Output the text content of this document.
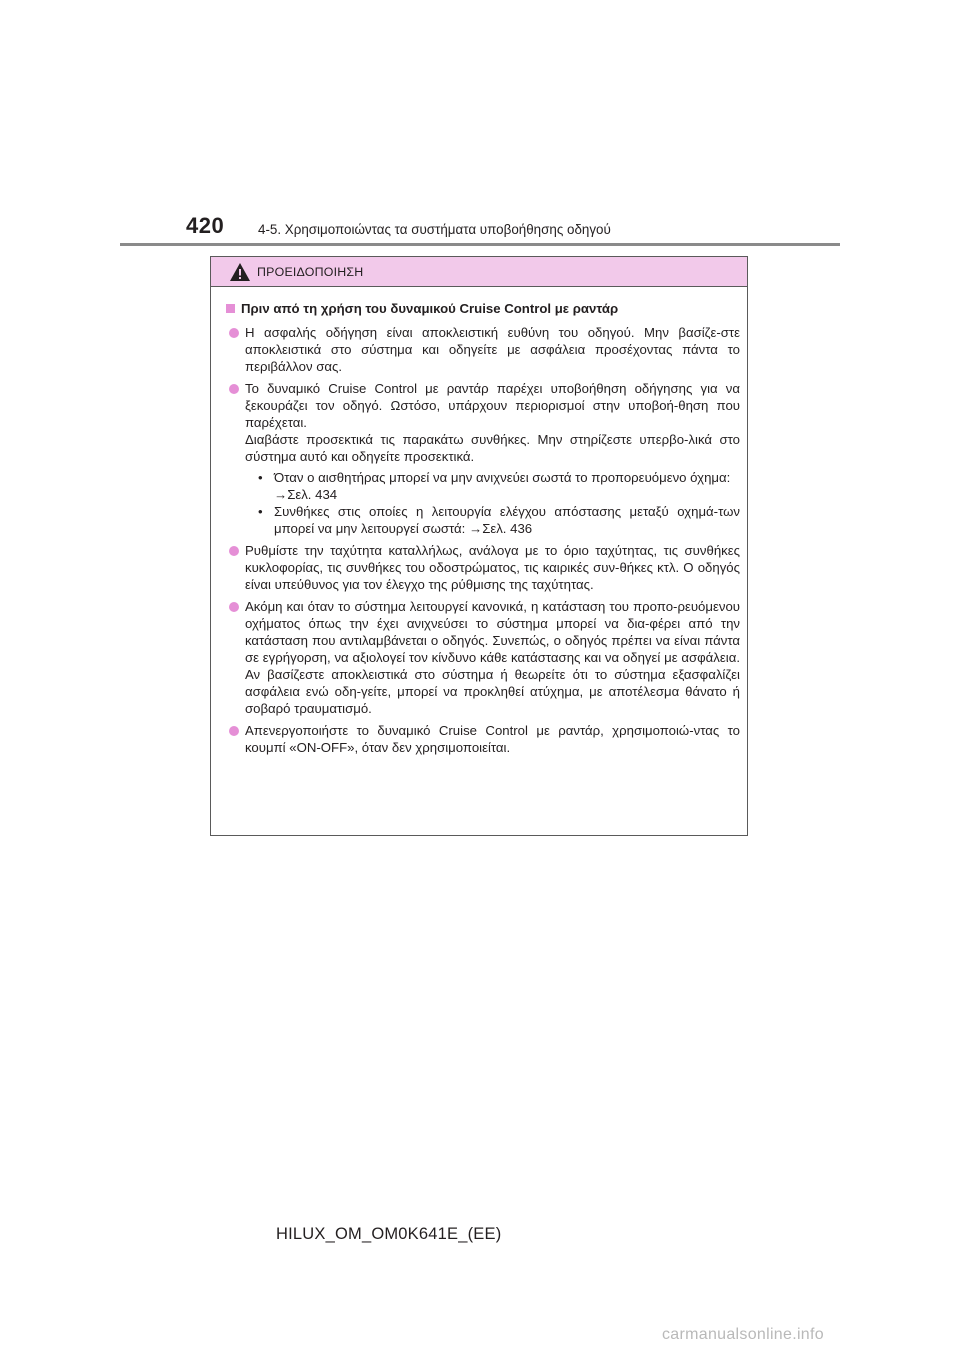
420	4-5. Χρησιμοποιώντας τα συστήματα υποβοήθησης οδηγού
ΠΡΟΕΙΔΟΠΟΙΗΣΗ
Πριν από τη χρήση του δυναμικού Cruise Control με ραντάρ
Η ασφαλής οδήγηση είναι αποκλειστική ευθύνη του οδηγού. Μην βασίζε-στε αποκλειστικά στο σύστημα και οδηγείτε με ασφάλεια προσέχοντας πάντα το περιβάλλον σας.
Το δυναμικό Cruise Control με ραντάρ παρέχει υποβοήθηση οδήγησης για να ξεκουράζει τον οδηγό. Ωστόσο, υπάρχουν περιορισμοί στην υποβοή-θηση που παρέχεται.
Διαβάστε προσεκτικά τις παρακάτω συνθήκες. Μην στηρίζεστε υπερβο-λικά στο σύστημα αυτό και οδηγείτε προσεκτικά.
• Όταν ο αισθητήρας μπορεί να μην ανιχνεύει σωστά το προπορευόμενο όχημα:
→Σελ. 434
• Συνθήκες στις οποίες η λειτουργία ελέγχου απόστασης μεταξύ οχημά-των μπορεί να μην λειτουργεί σωστά: →Σελ. 436
Ρυθμίστε την ταχύτητα καταλλήλως, ανάλογα με το όριο ταχύτητας, τις συνθήκες κυκλοφορίας, τις συνθήκες του οδοστρώματος, τις καιρικές συν-θήκες κτλ. Ο οδηγός είναι υπεύθυνος για τον έλεγχο της ρύθμισης της ταχύτητας.
Ακόμη και όταν το σύστημα λειτουργεί κανονικά, η κατάσταση του προπο-ρευόμενου οχήματος όπως την έχει ανιχνεύσει το σύστημα μπορεί να δια-φέρει από την κατάσταση που αντιλαμβάνεται ο οδηγός. Συνεπώς, ο οδηγός πρέπει να είναι πάντα σε εγρήγορση, να αξιολογεί τον κίνδυνο κάθε κατάστασης και να οδηγεί με ασφάλεια. Αν βασίζεστε αποκλειστικά στο σύστημα ή θεωρείτε ότι το σύστημα εξασφαλίζει ασφάλεια ενώ οδη-γείτε, μπορεί να προκληθεί ατύχημα, με αποτέλεσμα θάνατο ή σοβαρό τραυματισμό.
Απενεργοποιήστε το δυναμικό Cruise Control με ραντάρ, χρησιμοποιώ-ντας το κουμπί «ON-OFF», όταν δεν χρησιμοποιείται.
HILUX_OM_OM0K641E_(EE)
carmanualsonline.info
